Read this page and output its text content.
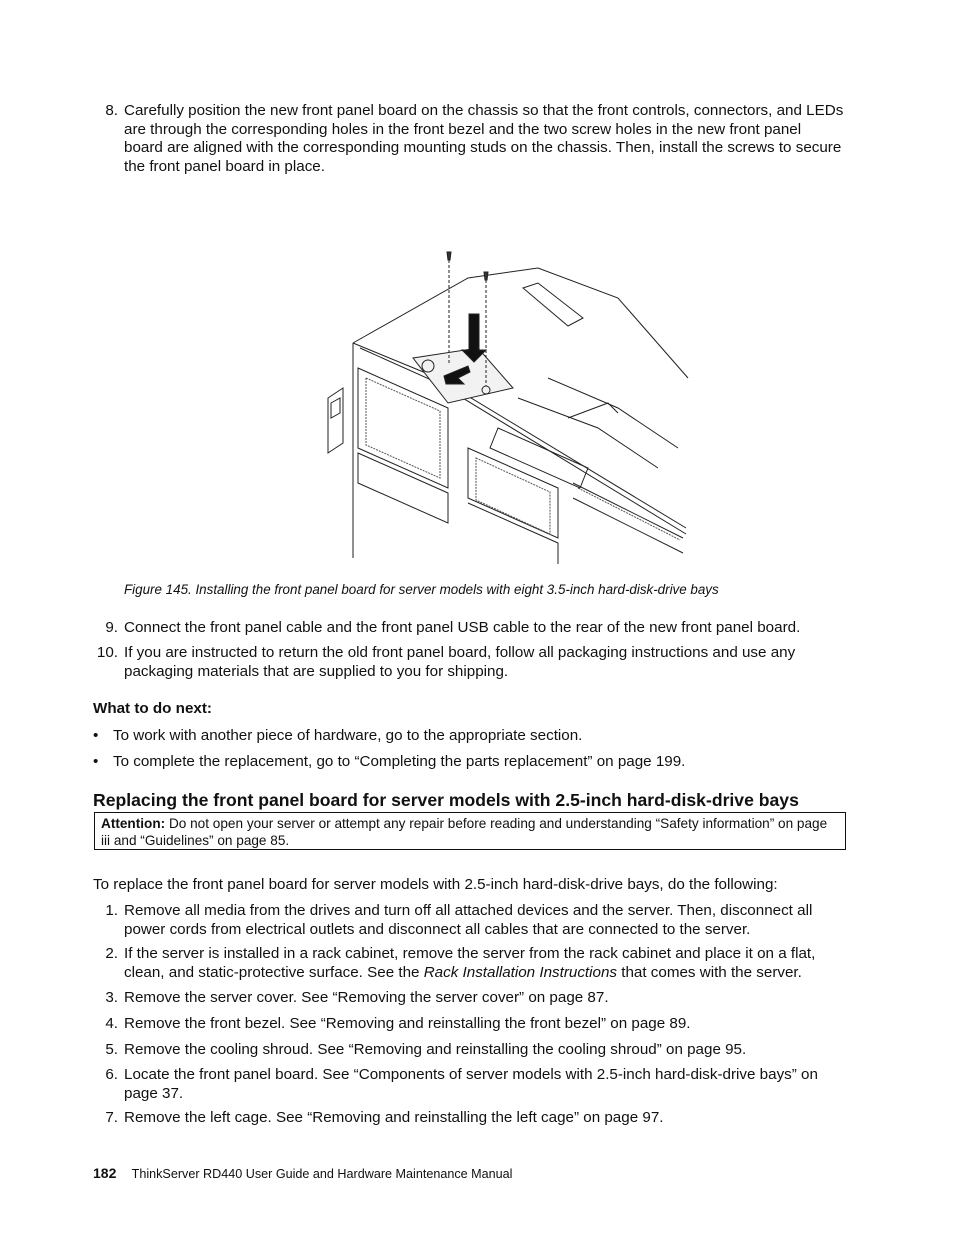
8. Carefully position the new front panel board on the chassis so that the front controls, connectors, and LEDs are through the corresponding holes in the front bezel and the two screw holes in the new front panel board are aligned with the corresponding mounting studs on the chassis. Then, install the screws to secure the front panel board in place.
Figure 145. Installing the front panel board for server models with eight 3.5-inch hard-disk-drive bays
9. Connect the front panel cable and the front panel USB cable to the rear of the new front panel board.
10. If you are instructed to return the old front panel board, follow all packaging instructions and use any packaging materials that are supplied to you for shipping.
What to do next:
• To work with another piece of hardware, go to the appropriate section.
• To complete the replacement, go to “Completing the parts replacement” on page 199.
Replacing the front panel board for server models with 2.5-inch hard-disk-drive bays
Attention: Do not open your server or attempt any repair before reading and understanding “Safety information” on page iii and “Guidelines” on page 85.
To replace the front panel board for server models with 2.5-inch hard-disk-drive bays, do the following:
1. Remove all media from the drives and turn off all attached devices and the server. Then, disconnect all power cords from electrical outlets and disconnect all cables that are connected to the server.
2. If the server is installed in a rack cabinet, remove the server from the rack cabinet and place it on a flat, clean, and static-protective surface. See the Rack Installation Instructions that comes with the server.
3. Remove the server cover. See “Removing the server cover” on page 87.
4. Remove the front bezel. See “Removing and reinstalling the front bezel” on page 89.
5. Remove the cooling shroud. See “Removing and reinstalling the cooling shroud” on page 95.
6. Locate the front panel board. See “Components of server models with 2.5-inch hard-disk-drive bays” on page 37.
7. Remove the left cage. See “Removing and reinstalling the left cage” on page 97.
182 ThinkServer RD440 User Guide and Hardware Maintenance Manual
